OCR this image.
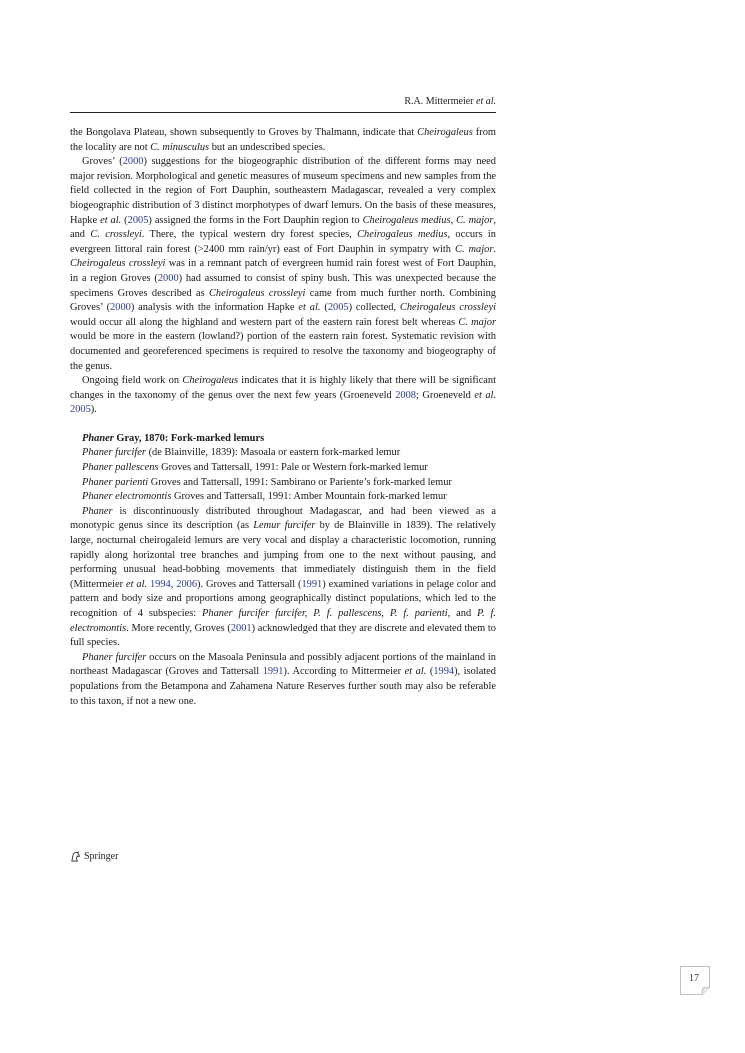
R.A. Mittermeier et al.

the Bongolava Plateau, shown subsequently to Groves by Thalmann, indicate that Cheirogaleus from the locality are not C. minusculus but an undescribed species.

Groves’ (2000) suggestions for the biogeographic distribution of the different forms may need major revision. Morphological and genetic measures of museum specimens and new samples from the field collected in the region of Fort Dauphin, southeastern Madagascar, revealed a very complex biogeographic distribution of 3 distinct morphotypes of dwarf lemurs. On the basis of these measures, Hapke et al. (2005) assigned the forms in the Fort Dauphin region to Cheirogaleus medius, C. major, and C. crossleyi. There, the typical western dry forest species, Cheirogaleus medius, occurs in evergreen littoral rain forest (>2400 mm rain/yr) east of Fort Dauphin in sympatry with C. major. Cheirogaleus crossleyi was in a remnant patch of evergreen humid rain forest west of Fort Dauphin, in a region Groves (2000) had assumed to consist of spiny bush. This was unexpected because the specimens Groves described as Cheirogaleus crossleyi came from much further north. Combining Groves’ (2000) analysis with the information Hapke et al. (2005) collected, Cheirogaleus crossleyi would occur all along the highland and western part of the eastern rain forest belt whereas C. major would be more in the eastern (lowland?) portion of the eastern rain forest. Systematic revision with documented and georeferenced specimens is required to resolve the taxonomy and biogeography of the genus.

Ongoing field work on Cheirogaleus indicates that it is highly likely that there will be significant changes in the taxonomy of the genus over the next few years (Groeneveld 2008; Groeneveld et al. 2005).

Phaner Gray, 1870: Fork-marked lemurs

Phaner furcifer (de Blainville, 1839): Masoala or eastern fork-marked lemur

Phaner pallescens Groves and Tattersall, 1991: Pale or Western fork-marked lemur

Phaner parienti Groves and Tattersall, 1991: Sambirano or Pariente’s fork-marked lemur

Phaner electromontis Groves and Tattersall, 1991: Amber Mountain fork-marked lemur

Phaner is discontinuously distributed throughout Madagascar, and had been viewed as a monotypic genus since its description (as Lemur furcifer by de Blainville in 1839). The relatively large, nocturnal cheirogaleid lemurs are very vocal and display a characteristic locomotion, running rapidly along horizontal tree branches and jumping from one to the next without pausing, and performing unusual head-bobbing movements that immediately distinguish them in the field (Mittermeier et al. 1994, 2006). Groves and Tattersall (1991) examined variations in pelage color and pattern and body size and proportions among geographically distinct populations, which led to the recognition of 4 subspecies: Phaner furcifer furcifer, P. f. pallescens, P. f. parienti, and P. f. electromontis. More recently, Groves (2001) acknowledged that they are discrete and elevated them to full species.

Phaner furcifer occurs on the Masoala Peninsula and possibly adjacent portions of the mainland in northeast Madagascar (Groves and Tattersall 1991). According to Mittermeier et al. (1994), isolated populations from the Betampona and Zahamena Nature Reserves further south may also be referable to this taxon, if not a new one.

Springer
17
